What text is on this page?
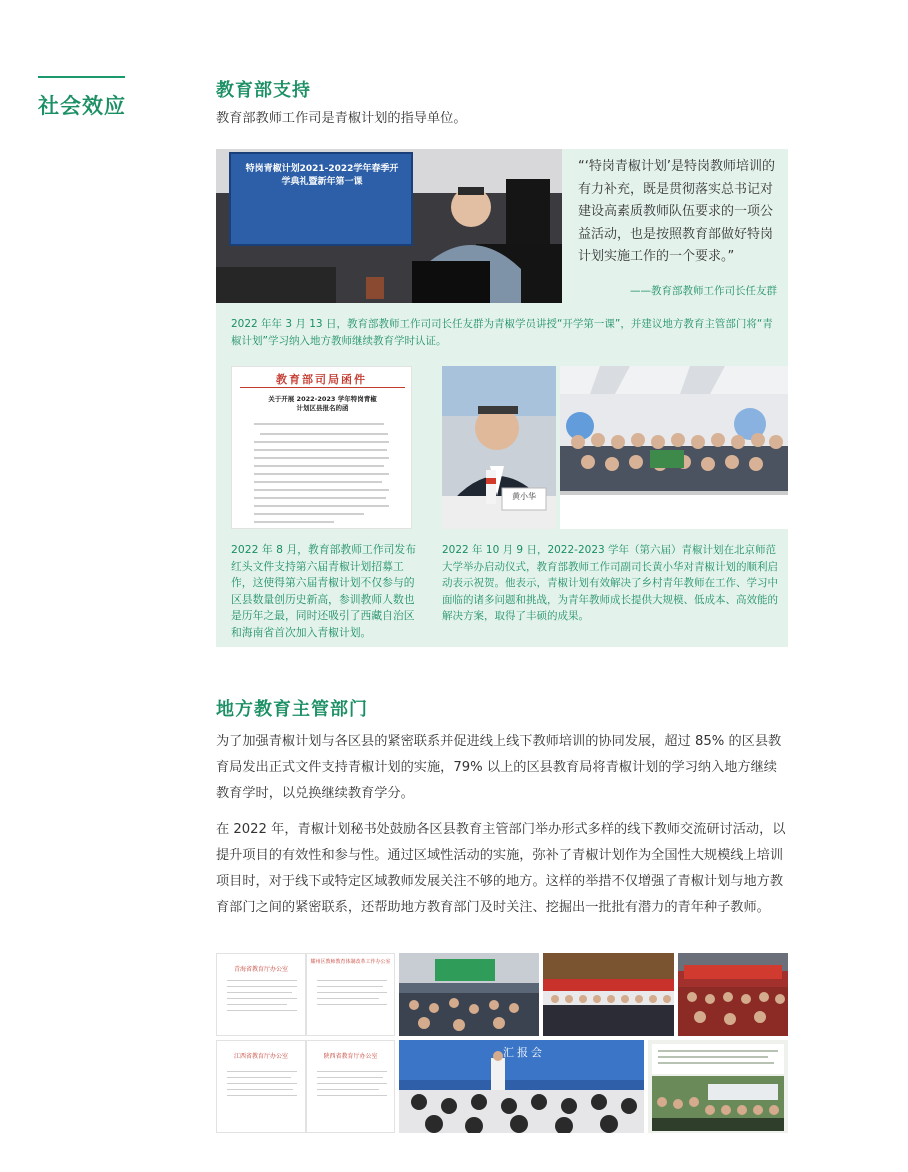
社会效应
教育部支持
教育部教师工作司是青椒计划的指导单位。
特岗青椒计划2021-2022学年春季开学典礼暨新年第一课
“‘特岗青椒计划’是特岗教师培训的有力补充，既是贯彻落实总书记对建设高素质教师队伍要求的一项公益活动，也是按照教育部做好特岗计划实施工作的一个要求。”
——教育部教师工作司长任友群
2022 年年 3 月 13 日，教育部教师工作司司长任友群为青椒学员讲授“开学第一课”，并建议地方教育主管部门将“青椒计划”学习纳入地方教师继续教育学时认证。
教育部司局函件
关于开展 2022-2023 学年特岗青椒计划区县报名的函
2022 年 8 月，教育部教师工作司发布红头文件支持第六届青椒计划招募工作，这使得第六届青椒计划不仅参与的区县数量创历史新高，参训教师人数也是历年之最，同时还吸引了西藏自治区和海南省首次加入青椒计划。
黄小华
2022 年 10 月 9 日，2022-2023 学年（第六届）青椒计划在北京师范大学举办启动仪式，教育部教师工作司副司长黄小华对青椒计划的顺利启动表示祝贺。他表示，青椒计划有效解决了乡村青年教师在工作、学习中面临的诸多问题和挑战，为青年教师成长提供大规模、低成本、高效能的解决方案，取得了丰硕的成果。
地方教育主管部门
为了加强青椒计划与各区县的紧密联系并促进线上线下教师培训的协同发展，超过 85% 的区县教育局发出正式文件支持青椒计划的实施，79% 以上的区县教育局将青椒计划的学习纳入地方继续教育学时，以兑换继续教育学分。
在 2022 年，青椒计划秘书处鼓励各区县教育主管部门举办形式多样的线下教师交流研讨活动，以提升项目的有效性和参与性。通过区域性活动的实施，弥补了青椒计划作为全国性大规模线上培训项目时，对于线下或特定区域教师发展关注不够的地方。这样的举措不仅增强了青椒计划与地方教育部门之间的紧密联系，还帮助地方教育部门及时关注、挖掘出一批批有潜力的青年种子教师。
青海省教育厅办公室
耀州区教师教育体制改革工作办公室
江西省教育厅办公室	陕西省教育厅办公室	汇报会
